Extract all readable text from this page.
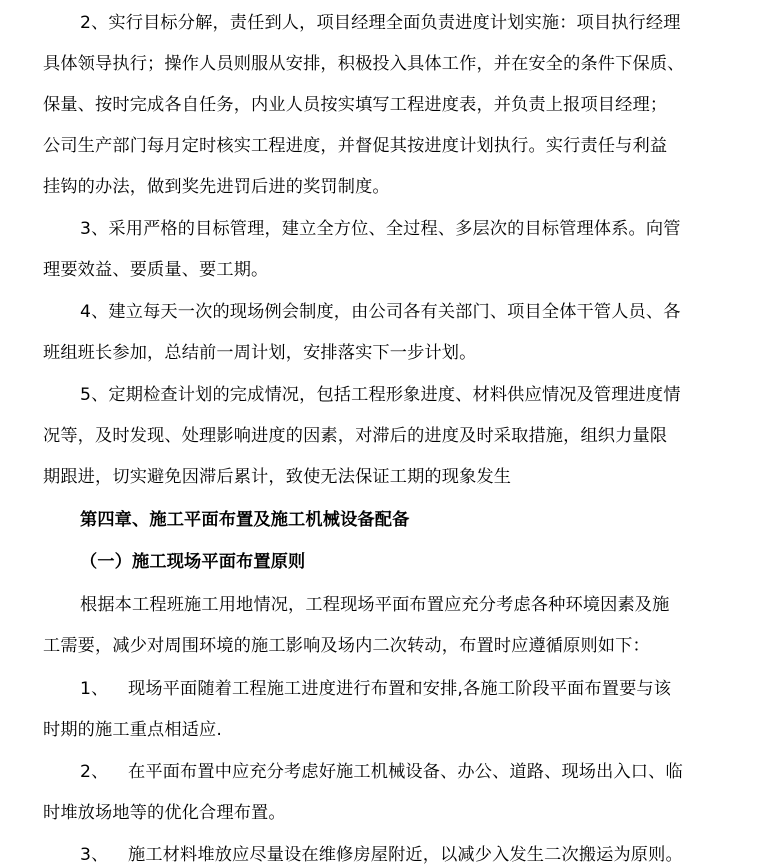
2、实行目标分解，责任到人，项目经理全面负责进度计划实施：项目执行经理
具体领导执行；操作人员则服从安排，积极投入具体工作，并在安全的条件下保质、
保量、按时完成各自任务，内业人员按实填写工程进度表，并负责上报项目经理；
公司生产部门每月定时核实工程进度，并督促其按进度计划执行。实行责任与利益
挂钩的办法，做到奖先进罚后进的奖罚制度。
3、采用严格的目标管理，建立全方位、全过程、多层次的目标管理体系。向管
理要效益、要质量、要工期。
4、建立每天一次的现场例会制度，由公司各有关部门、项目全体干管人员、各
班组班长参加，总结前一周计划，安排落实下一步计划。
5、定期检查计划的完成情况，包括工程形象进度、材料供应情况及管理进度情
况等，及时发现、处理影响进度的因素，对滞后的进度及时采取措施，组织力量限
期跟进，切实避免因滞后累计，致使无法保证工期的现象发生
第四章、施工平面布置及施工机械设备配备
（一）施工现场平面布置原则
根据本工程班施工用地情况，工程现场平面布置应充分考虑各种环境因素及施
工需要，减少对周围环境的施工影响及场内二次转动，布置时应遵循原则如下：
1、 现场平面随着工程施工进度进行布置和安排,各施工阶段平面布置要与该
时期的施工重点相适应.
2、 在平面布置中应充分考虑好施工机械设备、办公、道路、现场出入口、临
时堆放场地等的优化合理布置。
3、 施工材料堆放应尽量设在维修房屋附近，以减少入发生二次搬运为原则。
